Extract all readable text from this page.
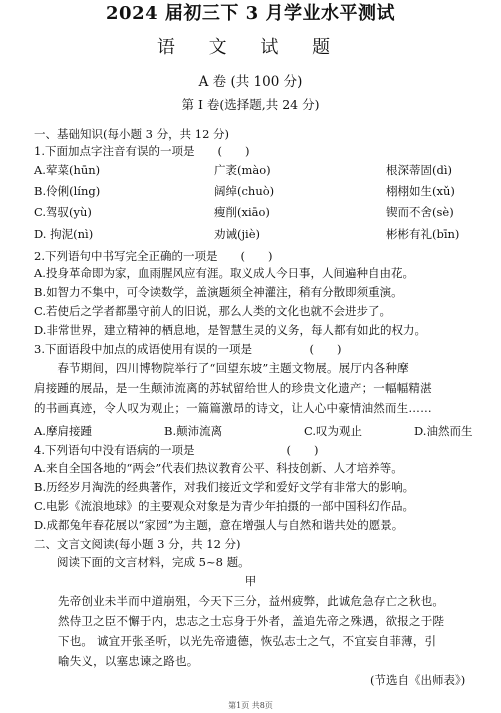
2024 届初三下 3 月学业水平测试
语 文 试 题
A 卷 (共 100 分)
第 I 卷(选择题,共 24 分)
一、基础知识(每小题 3 分，共 12 分)
1.下面加点字注音有误的一项是　　(　　)
A.荤菜(hūn)	广袤(mào)	根深蒂固(dì)
B.伶俐(líng)	阔绰(chuò)	栩栩如生(xǔ)
C.驾驭(yù)	瘦削(xiāo)	锲而不舍(sè)
D. 拘泥(nì)	劝诫(jiè)	彬彬有礼(bīn)
2.下列语句中书写完全正确的一项是　　(　　)
A.投身革命即为家，血雨腥风应有涯。取义成人今日事，人间遍种自由花。
B.如智力不集中，可令读数学，盖演题须全神灌注，稍有分散即须重演。
C.若使后之学者都墨守前人的旧说，那么人类的文化也就不会进步了。
D.非常世界，建立精神的栖息地，是智慧生灵的义务，每人都有如此的权力。
3.下面语段中加点的成语使用有误的一项是　　　　　(　　)
　　春节期间，四川博物院举行了“回望东坡”主题文物展。展厅内各种摩
肩接踵的展品，是一生颠沛流离的苏轼留给世人的珍贵文化遗产；一幅幅精湛
的书画真迹，令人叹为观止；一篇篇激昂的诗文，让人心中豪情油然而生……
A.摩肩接踵	B.颠沛流离	C.叹为观止	D.油然而生
4.下列语句中没有语病的一项是　　　　　　　　(　　)
A.来自全国各地的“两会”代表们热议教育公平、科技创新、人才培养等。
B.历经岁月淘洗的经典著作，对我们接近文学和爱好文学有非常大的影响。
C.电影《流浪地球》的主要观众对象是为青少年拍摄的一部中国科幻作品。
D.成都兔年春花展以“家园”为主题，意在增强人与自然和谐共处的愿景。
二、文言文阅读(每小题 3 分，共 12 分)
　　阅读下面的文言材料，完成 5~8 题。
甲
先帝创业未半而中道崩殂，今天下三分，益州疲弊，此诚危急存亡之秋也。
然侍卫之臣不懈于内，忠志之士忘身于外者，盖追先帝之殊遇，欲报之于陛
下也。 诚宜开张圣听，以光先帝遗德，恢弘志士之气，不宜妄自菲薄，引
喻失义，以塞忠谏之路也。
(节选自《出师表》)
第1页 共8页
